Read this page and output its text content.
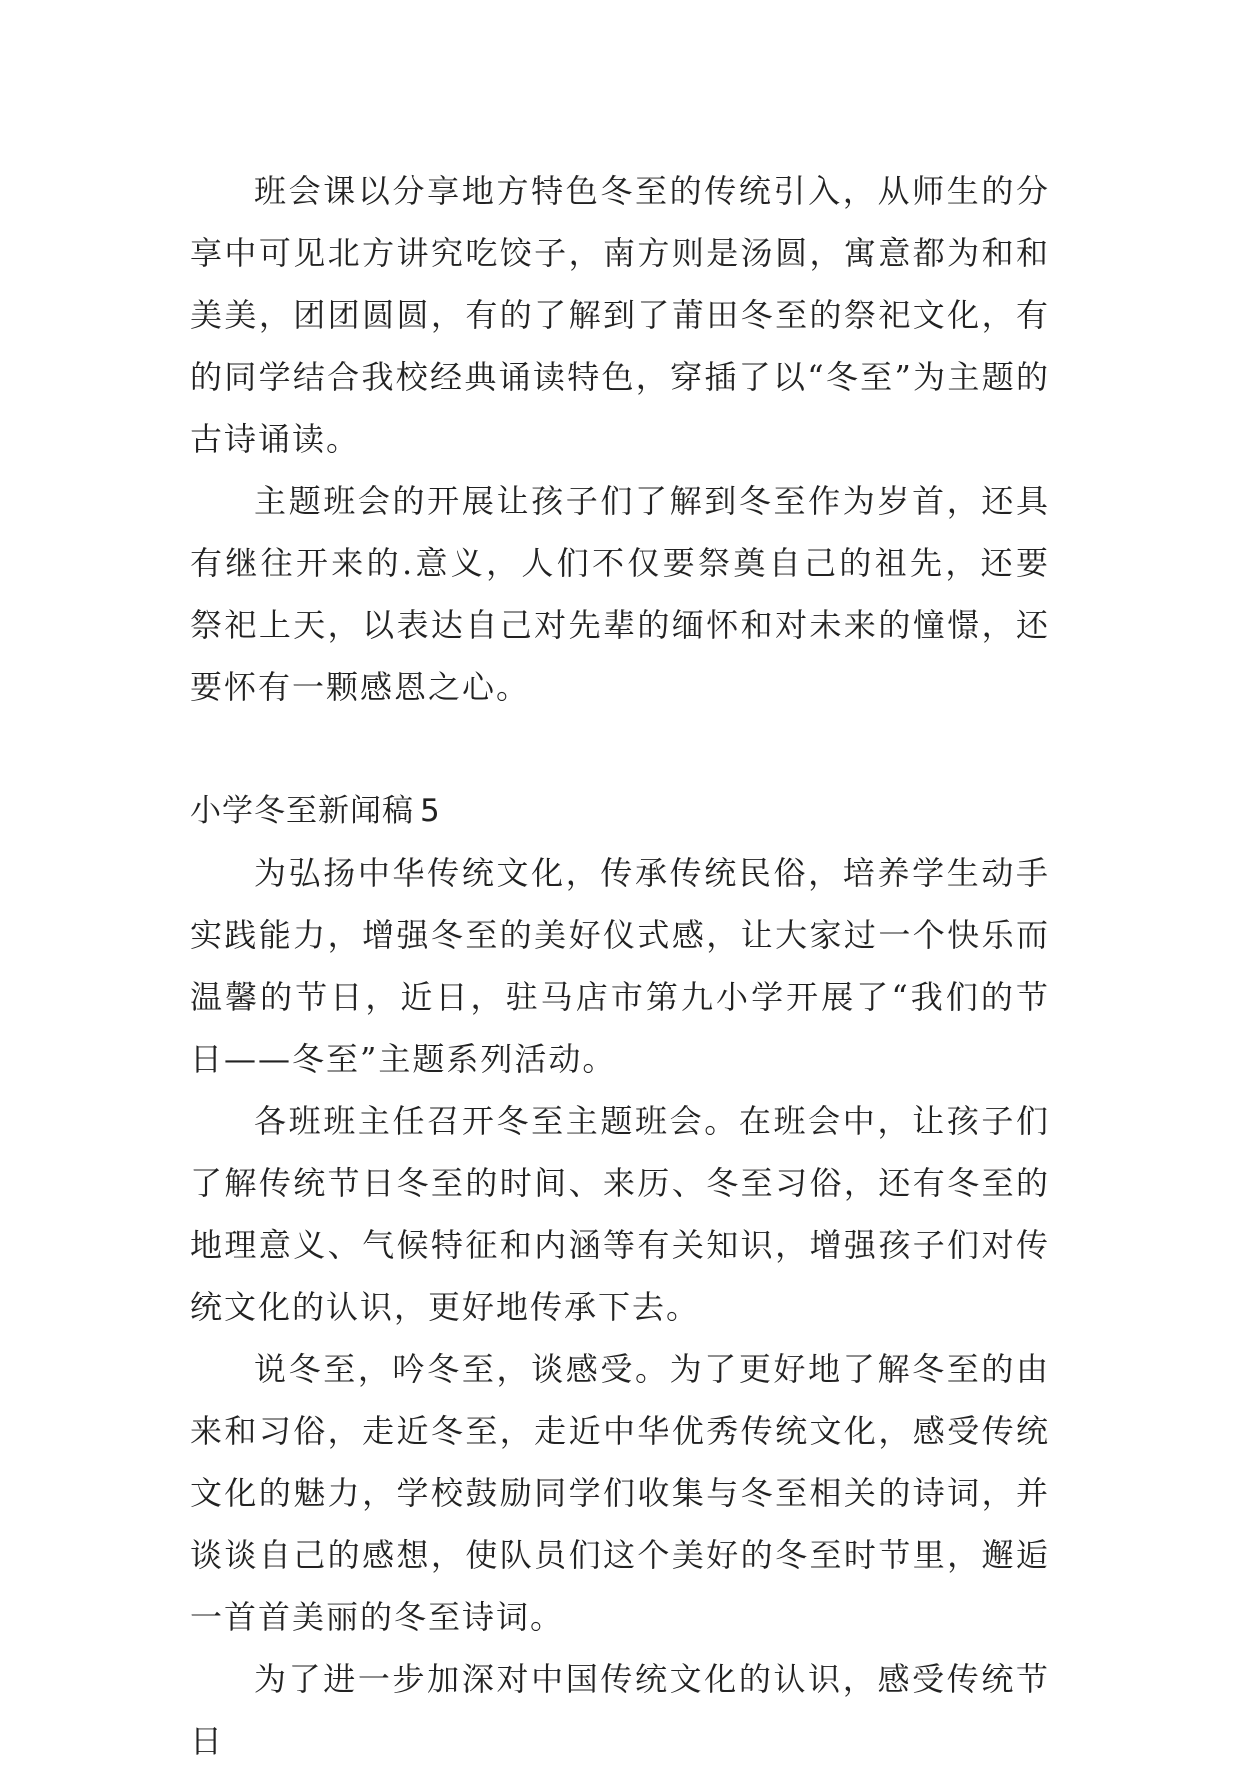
班会课以分享地方特色冬至的传统引入，从师生的分享中可见北方讲究吃饺子，南方则是汤圆，寓意都为和和美美，团团圆圆，有的了解到了莆田冬至的祭祀文化，有的同学结合我校经典诵读特色，穿插了以“冬至”为主题的古诗诵读。

主题班会的开展让孩子们了解到冬至作为岁首，还具有继往开来的.意义，人们不仅要祭奠自己的祖先，还要祭祀上天，以表达自己对先辈的缅怀和对未来的憧憬，还要怀有一颗感恩之心。

小学冬至新闻稿 5

为弘扬中华传统文化，传承传统民俗，培养学生动手实践能力，增强冬至的美好仪式感，让大家过一个快乐而温馨的节日，近日，驻马店市第九小学开展了“我们的节日——冬至”主题系列活动。

各班班主任召开冬至主题班会。在班会中，让孩子们了解传统节日冬至的时间、来历、冬至习俗，还有冬至的地理意义、气候特征和内涵等有关知识，增强孩子们对传统文化的认识，更好地传承下去。

说冬至，吟冬至，谈感受。为了更好地了解冬至的由来和习俗，走近冬至，走近中华优秀传统文化，感受传统文化的魅力，学校鼓励同学们收集与冬至相关的诗词，并谈谈自己的感想，使队员们这个美好的冬至时节里，邂逅一首首美丽的冬至诗词。

为了进一步加深对中国传统文化的认识，感受传统节日
